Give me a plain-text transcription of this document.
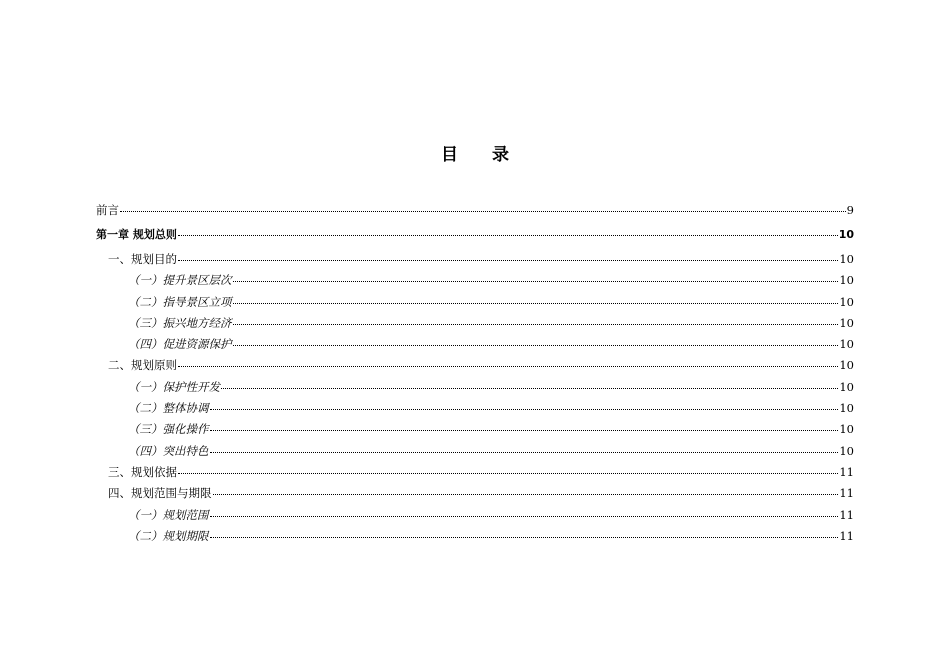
目 录
前言	9
第一章 规划总则	10
一、规划目的	10
（一）提升景区层次	10
（二）指导景区立项	10
（三）振兴地方经济	10
（四）促进资源保护	10
二、规划原则	10
（一）保护性开发	10
（二）整体协调	10
（三）强化操作	10
（四）突出特色	10
三、规划依据	11
四、规划范围与期限	11
（一）规划范围	11
（二）规划期限	11
